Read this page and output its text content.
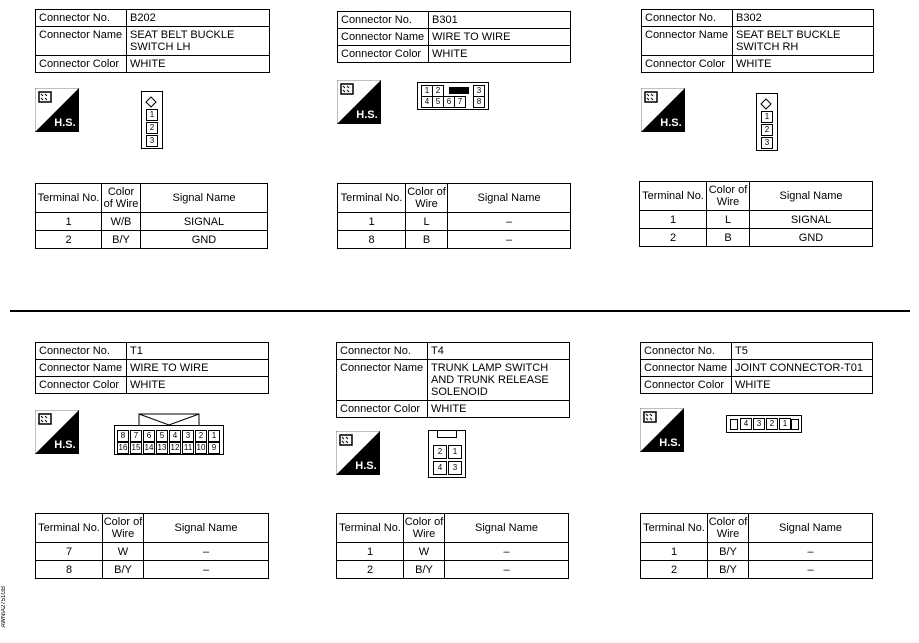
Connector No.	B202
Connector Name	SEAT BELT BUCKLE SWITCH LH
Connector Color	WHITE
Connector No.	B301
Connector Name	WIRE TO WIRE
Connector Color	WHITE
Connector No.	B302
Connector Name	SEAT BELT BUCKLE SWITCH RH
Connector Color	WHITE
Connector No.	T1
Connector Name	WIRE TO WIRE
Connector Color	WHITE
Connector No.	T4
Connector Name	TRUNK LAMP SWITCH AND TRUNK RELEASE SOLENOID
Connector Color	WHITE
Connector No.	T5
Connector Name	JOINT CONNECTOR-T01
Connector Color	WHITE
H.S.
H.S.
H.S.
H.S.
H.S.
H.S.
1
2
3
1 2	3
4 5 6 7	8
1
2
3
8	7	6	5	4	3	2	1
16 15 14 13 12 11 10 9	2	1
4	3
4	3	2	1
Terminal No.	Color of Wire	Signal Name
1	W/B	SIGNAL
2	B/Y	GND
Terminal No.	Color of Wire	Signal Name
1	L	–
8	B	–
Terminal No.	Color of Wire	Signal Name
1	L	SIGNAL
2	B	GND
Terminal No.	Color of Wire	Signal Name
7	W	–
8	B/Y	–
Terminal No.	Color of Wire	Signal Name
1	W	–
2	B/Y	–
Terminal No.	Color of Wire	Signal Name
1	B/Y	–
2	B/Y	–
AWNIA2751GB
